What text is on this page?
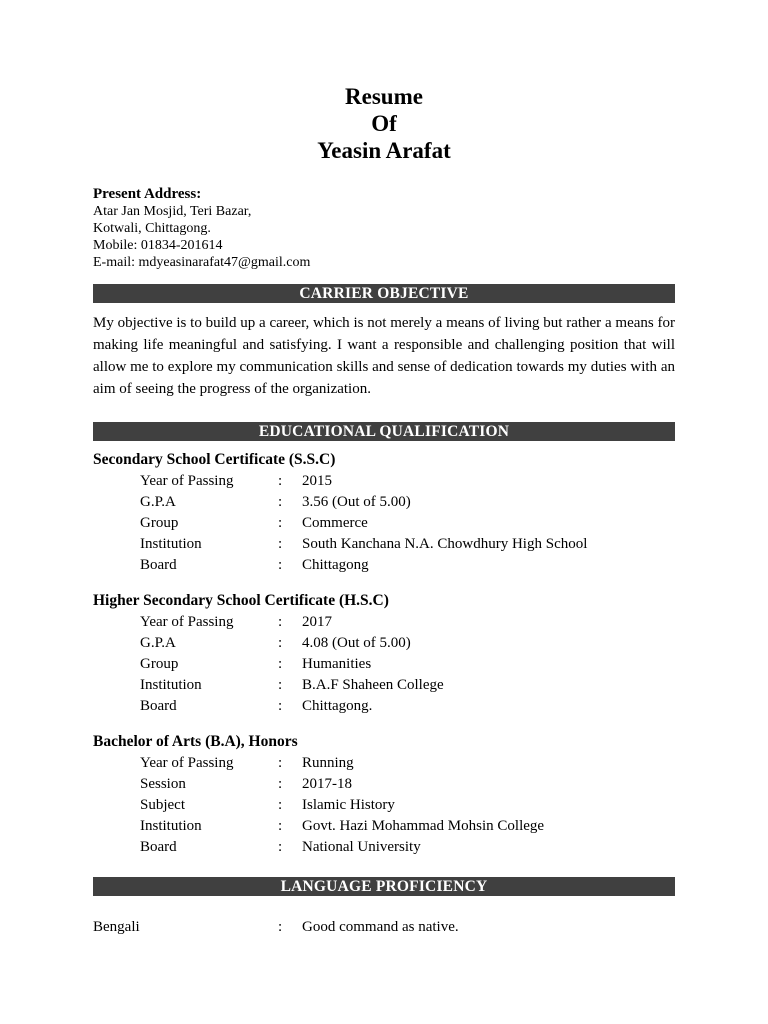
Resume
Of
Yeasin Arafat
Present Address:
Atar Jan Mosjid, Teri Bazar,
Kotwali, Chittagong.
Mobile: 01834-201614
E-mail: mdyeasinarafat47@gmail.com
CARRIER OBJECTIVE
My objective is to build up a career, which is not merely a means of living but rather a means for making life meaningful and satisfying. I want a responsible and challenging position that will allow me to explore my communication skills and sense of dedication towards my duties with an aim of seeing the progress of the organization.
EDUCATIONAL QUALIFICATION
Secondary School Certificate (S.S.C)
Year of Passing	: 2015
G.P.A	: 3.56 (Out of 5.00)
Group	: Commerce
Institution	: South Kanchana N.A. Chowdhury High School
Board	: Chittagong
Higher Secondary School Certificate (H.S.C)
Year of Passing	: 2017
G.P.A	: 4.08 (Out of 5.00)
Group	: Humanities
Institution	: B.A.F Shaheen College
Board	: Chittagong.
Bachelor of Arts (B.A), Honors
Year of Passing	: Running
Session	: 2017-18
Subject	: Islamic History
Institution	: Govt. Hazi Mohammad Mohsin College
Board	: National University
LANGUAGE PROFICIENCY
Bengali	: Good command as native.
